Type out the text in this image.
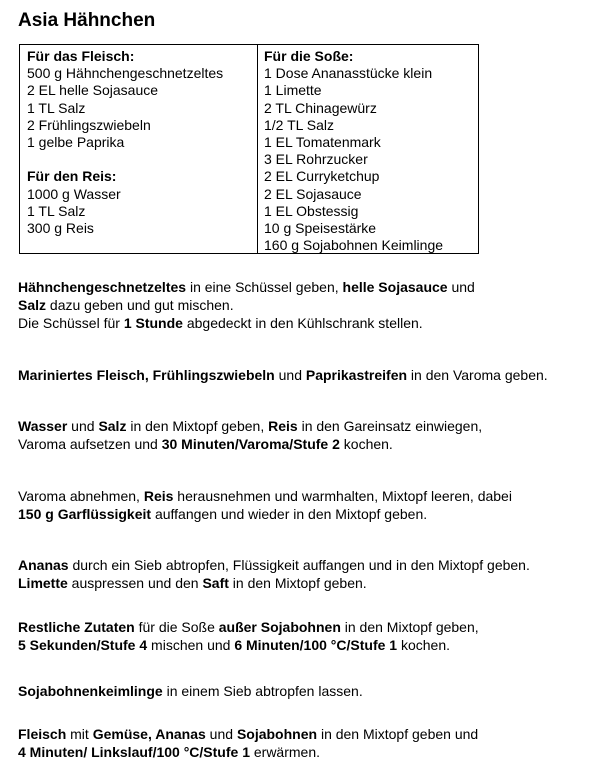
Asia Hähnchen
Für das Fleisch:
500 g Hähnchengeschnetzeltes
2 EL helle Sojasauce
1 TL Salz
2 Frühlingszwiebeln
1 gelbe Paprika
Für den Reis:
1000 g Wasser
1 TL Salz
300 g Reis
Für die Soße:
1 Dose Ananasstücke klein
1 Limette
2 TL Chinagewürz
1/2 TL Salz
1 EL Tomatenmark
3 EL Rohrzucker
2 EL Curryketchup
2 EL Sojasauce
1 EL Obstessig
10 g Speisestärke
160 g Sojabohnen Keimlinge
Hähnchengeschnetzeltes in eine Schüssel geben, helle Sojasauce und
Salz dazu geben und gut mischen.
Die Schüssel für 1 Stunde abgedeckt in den Kühlschrank stellen.
Mariniertes Fleisch, Frühlingszwiebeln und Paprikastreifen in den Varoma geben.
Wasser und Salz in den Mixtopf geben, Reis in den Gareinsatz einwiegen,
Varoma aufsetzen und 30 Minuten/Varoma/Stufe 2 kochen.
Varoma abnehmen, Reis herausnehmen und warmhalten, Mixtopf leeren, dabei
150 g Garflüssigkeit auffangen und wieder in den Mixtopf geben.
Ananas durch ein Sieb abtropfen, Flüssigkeit auffangen und in den Mixtopf geben.
Limette auspressen und den Saft in den Mixtopf geben.
Restliche Zutaten für die Soße außer Sojabohnen in den Mixtopf geben,
5 Sekunden/Stufe 4 mischen und 6 Minuten/100 °C/Stufe 1 kochen.
Sojabohnenkeimlinge in einem Sieb abtropfen lassen.
Fleisch mit Gemüse, Ananas und Sojabohnen in den Mixtopf geben und
4 Minuten/ Linkslauf/100 °C/Stufe 1 erwärmen.
